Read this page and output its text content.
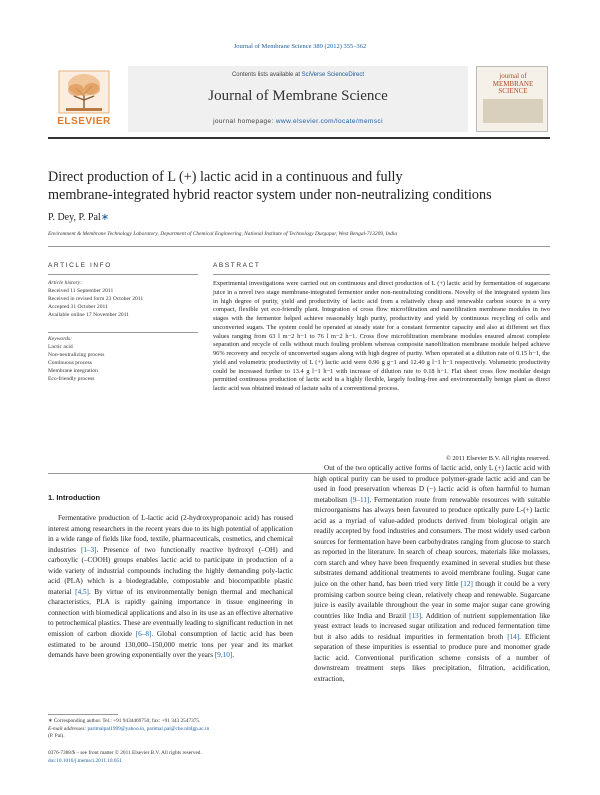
Journal of Membrane Science 389 (2012) 355–362
ELSEVIER
Contents lists available at SciVerse ScienceDirect
Journal of Membrane Science
journal homepage: www.elsevier.com/locate/memsci
journal of MEMBRANE SCIENCE
Direct production of L (+) lactic acid in a continuous and fully
membrane-integrated hybrid reactor system under non-neutralizing conditions
P. Dey, P. Pal∗
Environment & Membrane Technology Laboratory, Department of Chemical Engineering, National Institute of Technology Durgapur, West Bengal-713209, India
ARTICLE INFO	ABSTRACT
Article history:
Received 11 September 2011
Received in revised form 23 October 2011
Accepted 31 October 2011
Available online 17 November 2011
Keywords:
Lactic acid
Non-neutralizing process
Continuous process
Membrane integration
Eco-friendly process
Experimental investigations were carried out on continuous and direct production of L (+) lactic acid by fermentation of sugarcane juice in a novel two stage membrane-integrated fermentor under non-neutralizing conditions. Novelty of the integrated system lies in high degree of purity, yield and productivity of lactic acid from a relatively cheap and renewable carbon source in a very compact, flexible yet eco-friendly plant. Integration of cross flow microfiltration and nanofiltration membrane modules in two stages with the fermentor helped achieve reasonably high purity, productivity and yield by continuous recycling of cells and unconverted sugars. The system could be operated at steady state for a constant fermentor capacity and also at different set flux values ranging from 63 l m−2 h−1 to 76 l m−2 h−1. Cross flow microfiltration membrane modules ensured almost complete separation and recycle of cells without much fouling problem whereas composite nanofiltration membrane module helped achieve 96% recovery and recycle of unconverted sugars along with high degree of purity. When operated at a dilution rate of 0.15 h−1, the yield and volumetric productivity of L (+) lactic acid were 0.96 g g−1 and 12.40 g l−1 h−1 respectively. Volumetric productivity could be increased further to 13.4 g l−1 h−1 with increase of dilution rate to 0.18 h−1. Flat sheet cross flow modular design permitted continuous production of lactic acid in a highly flexible, largely fouling-free and environmentally benign plant as direct lactic acid was obtained instead of lactate salts of a conventional process.
© 2011 Elsevier B.V. All rights reserved.
1. Introduction

Fermentative production of L-lactic acid (2-hydroxypropanoic acid) has roused interest among researchers in the recent years due to its high potential of application in a wide range of fields like food, textile, pharmaceuticals, cosmetics, and chemical industries [1–3]. Presence of two functionally reactive hydroxyl (–OH) and carboxylic (–COOH) groups enables lactic acid to participate in production of a wide variety of industrial compounds including the highly demanding poly-lactic acid (PLA) which is a biodegradable, compostable and biocompatible plastic material [4,5]. By virtue of its environmentally benign thermal and mechanical characteristics, PLA is rapidly gaining importance in tissue engineering in connection with biomedical applications and also in its use as an effective alternative to petrochemical plastics. These are eventually leading to significant reduction in net emission of carbon dioxide [6–8]. Global consumption of lactic acid has been estimated to be around 130,000–150,000 metric tons per year and its market demands have been growing exponentially over the years [9,10].

Out of the two optically active forms of lactic acid, only L (+) lactic acid with high optical purity can be used to produce polymer-grade lactic acid and can be used in food preservation whereas D (−) lactic acid is often harmful to human metabolism [9–11]. Fermentation route from renewable resources with suitable microorganisms has always been favoured to produce optically pure L-(+) lactic acid as a myriad of value-added products derived from biological origin are readily accepted by food industries and consumers. The most widely used carbon sources for fermentation have been carbohydrates ranging from glucose to starch as reported in the literature. In search of cheap sources, materials like molasses, corn starch and whey have been frequently examined in several studies but these substrates demand additional treatments to avoid membrane fouling. Sugar cane juice on the other hand, has been tried very little [12] though it could be a very promising carbon source being clean, relatively cheap and renewable. Sugarcane juice is easily available throughout the year in some major sugar cane growing countries like India and Brazil [13]. Addition of nutrient supplementation like yeast extract leads to increased sugar utilization and reduced fermentation time but it also adds to residual impurities in fermentation broth [14]. Efficient separation of these impurities is essential to produce pure and monomer grade lactic acid. Conventional purification scheme consists of a number of downstream treatment steps likes precipitation, filtration, acidification, extraction,

∗ Corresponding author. Tel.: +91 9434469750; fax: +91 343 2547375.
E-mail addresses: parimalpal1999@yahoo.in, parimal.pal@che.nitdgp.ac.in
(P. Pal).
0376-7388/$ – see front matter © 2011 Elsevier B.V. All rights reserved.
doi:10.1016/j.memsci.2011.10.051
